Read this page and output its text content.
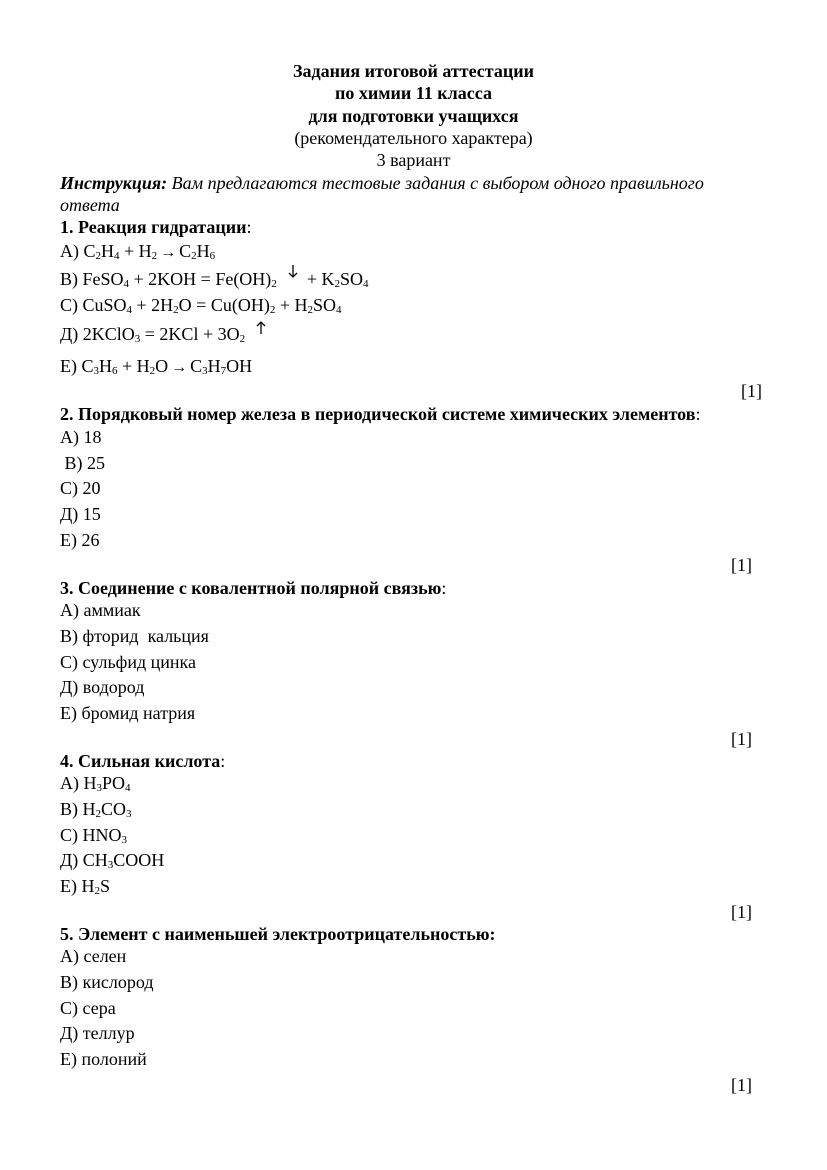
Задания итоговой аттестации
по химии 11 класса
для подготовки учащихся
(рекомендательного характера)
3 вариант
Инструкция: Вам предлагаются тестовые задания с выбором одного правильного
ответа
1. Реакция гидратации:
A) $C_2H_4 + H_2 \to C_2H_6$
B) FeSO$_4$ + $2KOH = Fe(OH)_2 + K_2SO_4$
C) CuSO$_4$ + $2H_2O = Cu(OH)_2 + H_2SO_4$
Д) 2KClO$_3$ = $2KCl + 3O_2$
E) $C_3H_6 + H_2O \to C_3H_7OH$
[1]
2. Порядковый номер железа в периодической системе химических элементов:
A) 18
B) 25
C) 20
Д) 15
E) 26
[1]
3. Соединение с ковалентной полярной связью:
A) аммиак
B) фторид  кальция
C) сульфид цинка
Д) водород
E) бромид натрия
[1]
4. Сильная кислота:
A) $H_3PO_4$
B) $H_2CO_3$
C) $HNO_3$
Д) $CH_3COOH$
E) $H_2S$
[1]
5. Элемент с наименьшей электроотрицательностью:
A) селен
B) кислород
C) сера
Д) теллур
E) полоний
[1]
